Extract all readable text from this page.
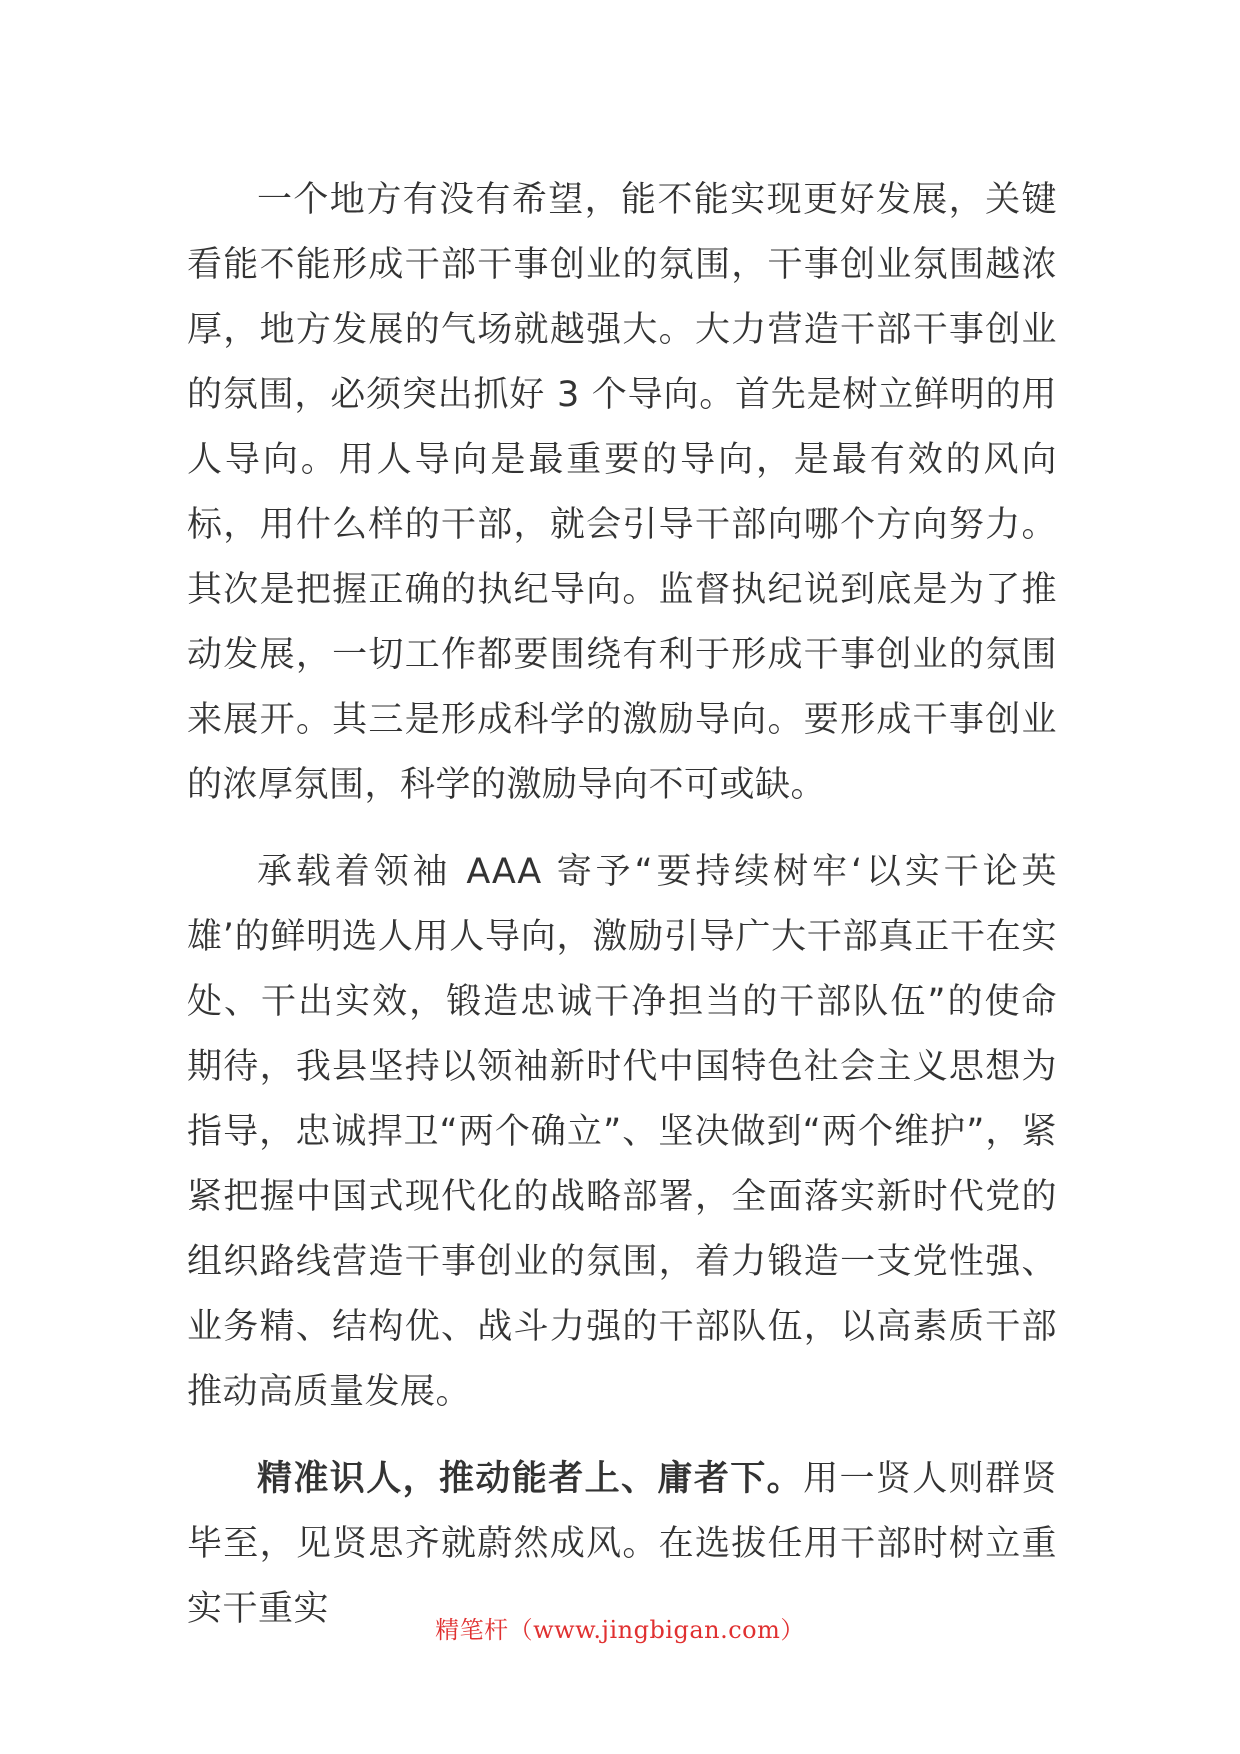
一个地方有没有希望，能不能实现更好发展，关键看能不能形成干部干事创业的氛围，干事创业氛围越浓厚，地方发展的气场就越强大。大力营造干部干事创业的氛围，必须突出抓好 3 个导向。首先是树立鲜明的用人导向。用人导向是最重要的导向，是最有效的风向标，用什么样的干部，就会引导干部向哪个方向努力。其次是把握正确的执纪导向。监督执纪说到底是为了推动发展，一切工作都要围绕有利于形成干事创业的氛围来展开。其三是形成科学的激励导向。要形成干事创业的浓厚氛围，科学的激励导向不可或缺。

承载着领袖 AAA 寄予“要持续树牢‘以实干论英雄’的鲜明选人用人导向，激励引导广大干部真正干在实处、干出实效，锻造忠诚干净担当的干部队伍”的使命期待，我县坚持以领袖新时代中国特色社会主义思想为指导，忠诚捍卫“两个确立”、坚决做到“两个维护”，紧紧把握中国式现代化的战略部署，全面落实新时代党的组织路线营造干事创业的氛围，着力锻造一支党性强、业务精、结构优、战斗力强的干部队伍，以高素质干部推动高质量发展。

精准识人，推动能者上、庸者下。用一贤人则群贤毕至，见贤思齐就蔚然成风。在选拔任用干部时树立重实干重实

精笔杆（www.jingbigan.com）
